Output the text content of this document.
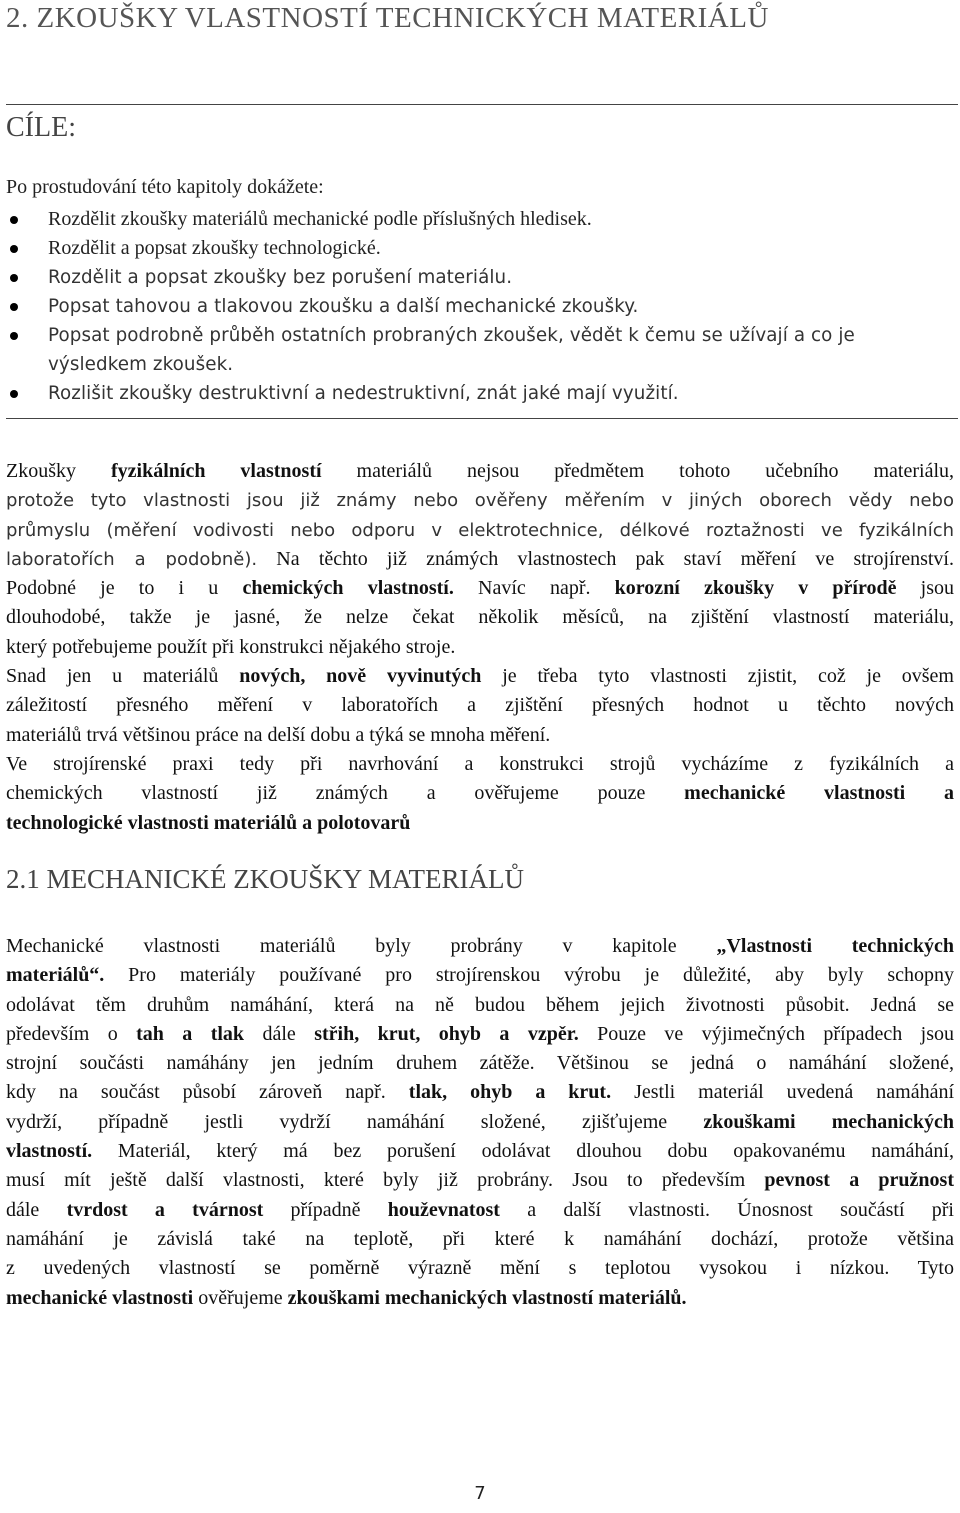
2. ZKOUŠKY VLASTNOSTÍ TECHNICKÝCH MATERIÁLŮ
CÍLE:
Po prostudování této kapitoly dokážete:
Rozdělit zkoušky materiálů mechanické podle příslušných hledisek.
Rozdělit a popsat zkoušky technologické.
Rozdělit a popsat zkoušky bez porušení materiálu.
Popsat tahovou a tlakovou zkoušku a další mechanické zkoušky.
Popsat podrobně průběh ostatních probraných zkoušek, vědět k čemu se užívají a co je výsledkem zkoušek.
Rozlišit zkoušky destruktivní a nedestruktivní, znát jaké mají využití.
Zkoušky fyzikálních vlastností materiálů nejsou předmětem tohoto učebního materiálu,
protože tyto vlastnosti jsou již známy nebo ověřeny měřením v jiných oborech vědy nebo
průmyslu (měření vodivosti nebo odporu v elektrotechnice, délkové roztažnosti ve fyzikálních
laboratořích a podobně). Na těchto již známých vlastnostech pak staví měření ve strojírenství.
Podobné je to i u chemických vlastností. Navíc např. korozní zkoušky v přírodě jsou
dlouhodobé, takže je jasné, že nelze čekat několik měsíců, na zjištění vlastností materiálu,
který potřebujeme použít při konstrukci nějakého stroje.
Snad jen u materiálů nových, nově vyvinutých je třeba tyto vlastnosti zjistit, což je ovšem
záležitostí přesného měření v laboratořích a zjištění přesných hodnot u těchto nových
materiálů trvá většinou práce na delší dobu a týká se mnoha měření.
Ve strojírenské praxi tedy při navrhování a konstrukci strojů vycházíme z fyzikálních a
chemických vlastností již známých a ověřujeme pouze mechanické vlastnosti a
technologické vlastnosti materiálů a polotovarů
2.1 MECHANICKÉ ZKOUŠKY MATERIÁLŮ
Mechanické vlastnosti materiálů byly probrány v kapitole „Vlastnosti technických
materiálů“. Pro materiály používané pro strojírenskou výrobu je důležité, aby byly schopny
odolávat těm druhům namáhání, která na ně budou během jejich životnosti působit. Jedná se
především o tah a tlak dále střih, krut, ohyb a vzpěr. Pouze ve výjimečných případech jsou
strojní součásti namáhány jen jedním druhem zátěže. Většinou se jedná o namáhání složené,
kdy na součást působí zároveň např. tlak, ohyb a krut. Jestli materiál uvedená namáhání
vydrží, případně jestli vydrží namáhání složené, zjišťujeme zkouškami mechanických
vlastností. Materiál, který má bez porušení odolávat dlouhou dobu opakovanému namáhání,
musí mít ještě další vlastnosti, které byly již probrány. Jsou to především pevnost a pružnost
dále tvrdost a tvárnost případně houževnatost a další vlastnosti. Únosnost součástí při
namáhání je závislá také na teplotě, při které k namáhání dochází, protože většina
z uvedených vlastností se poměrně výrazně mění s teplotou vysokou i nízkou. Tyto
mechanické vlastnosti ověřujeme zkouškami mechanických vlastností materiálů.
7
